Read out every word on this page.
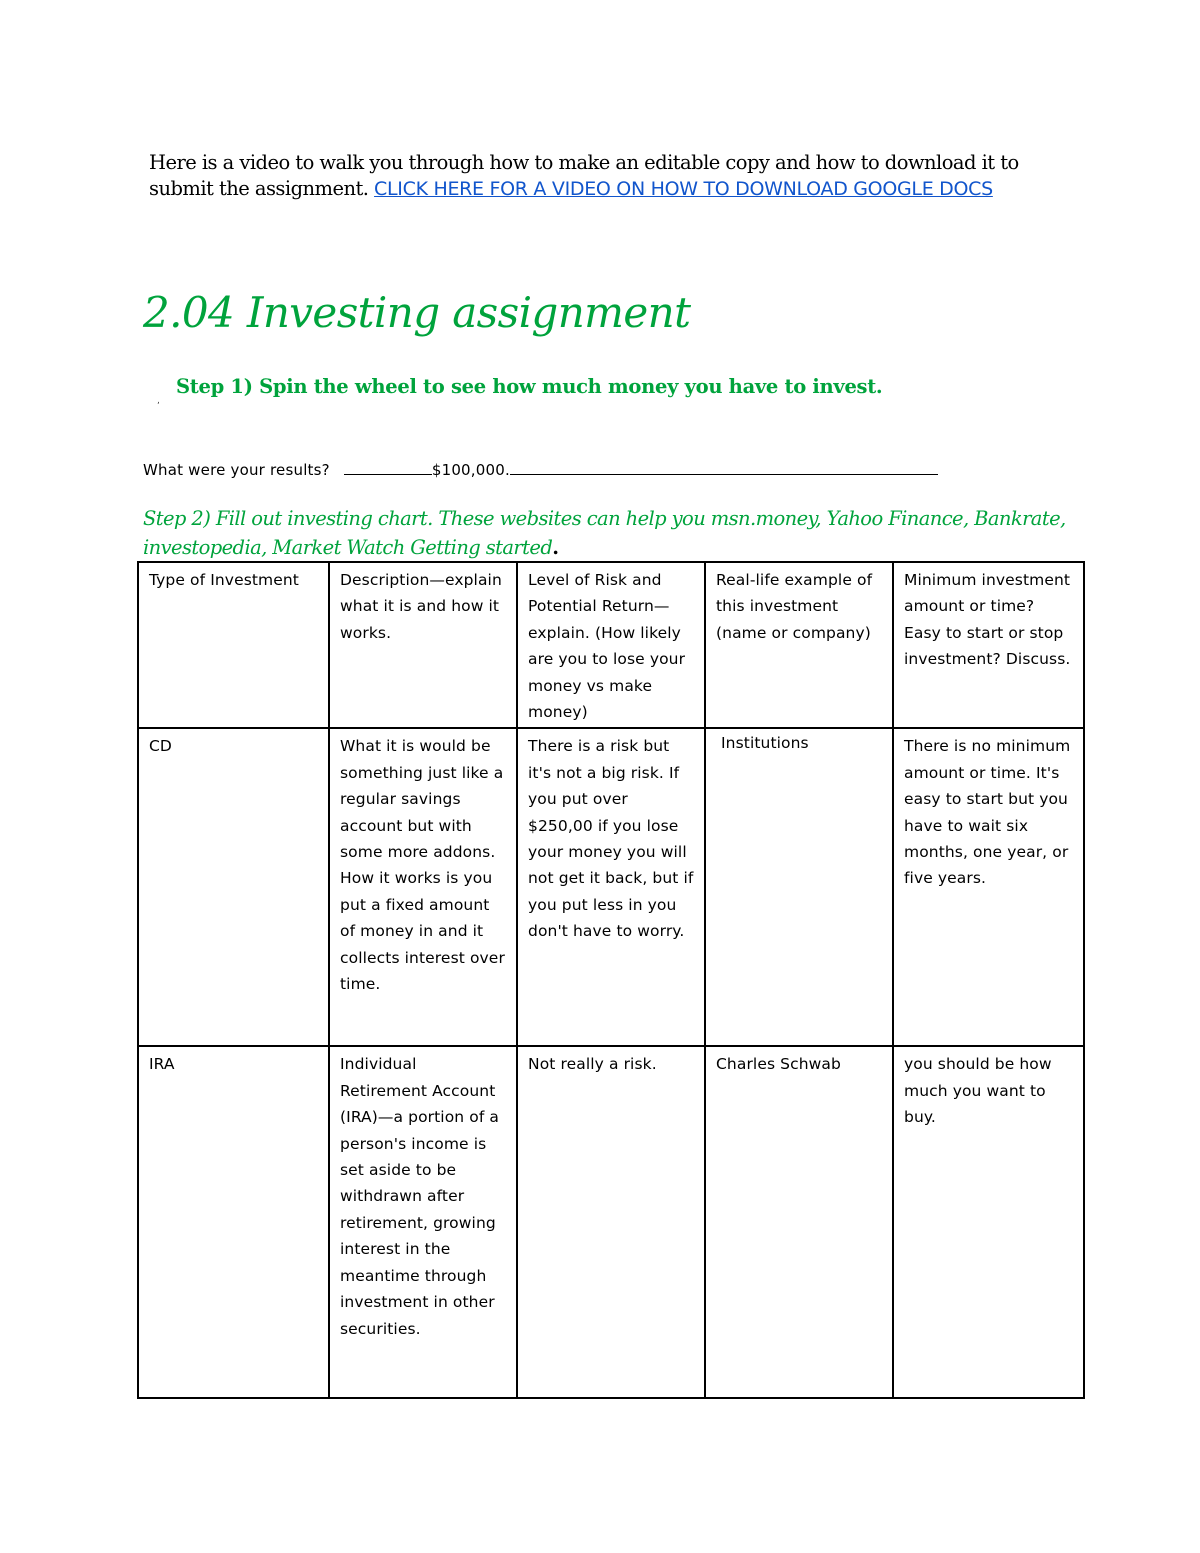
Here is a video to walk you through how to make an editable copy and how to download it to submit the assignment. CLICK HERE FOR A VIDEO ON HOW TO DOWNLOAD GOOGLE DOCS
2.04 Investing assignment
,
Step 1) Spin the wheel to see how much money you have to invest.
What were your results?	$100,000.
Step 2) Fill out investing chart. These websites can help you msn.money, Yahoo Finance, Bankrate, investopedia, Market Watch Getting started.
Type of Investment	Description—explain what it is and how it works.	Level of Risk and Potential Return—explain. (How likely are you to lose your money vs make money)	Real-life example of this investment (name or company)	Minimum investment amount or time? Easy to start or stop investment? Discuss.
CD	What it is would be something just like a regular savings account but with some more addons. How it works is you put a fixed amount of money in and it collects interest over time.	There is a risk but it's not a big risk. If you put over $250,00 if you lose your money you will not get it back, but if you put less in you don't have to worry.	Institutions	There is no minimum amount or time. It's easy to start but you have to wait six months, one year, or five years.
IRA	Individual Retirement Account (IRA)—a portion of a person's income is set aside to be withdrawn after retirement, growing interest in the meantime through investment in other securities.	Not really a risk.	Charles Schwab	you should be how much you want to buy.
